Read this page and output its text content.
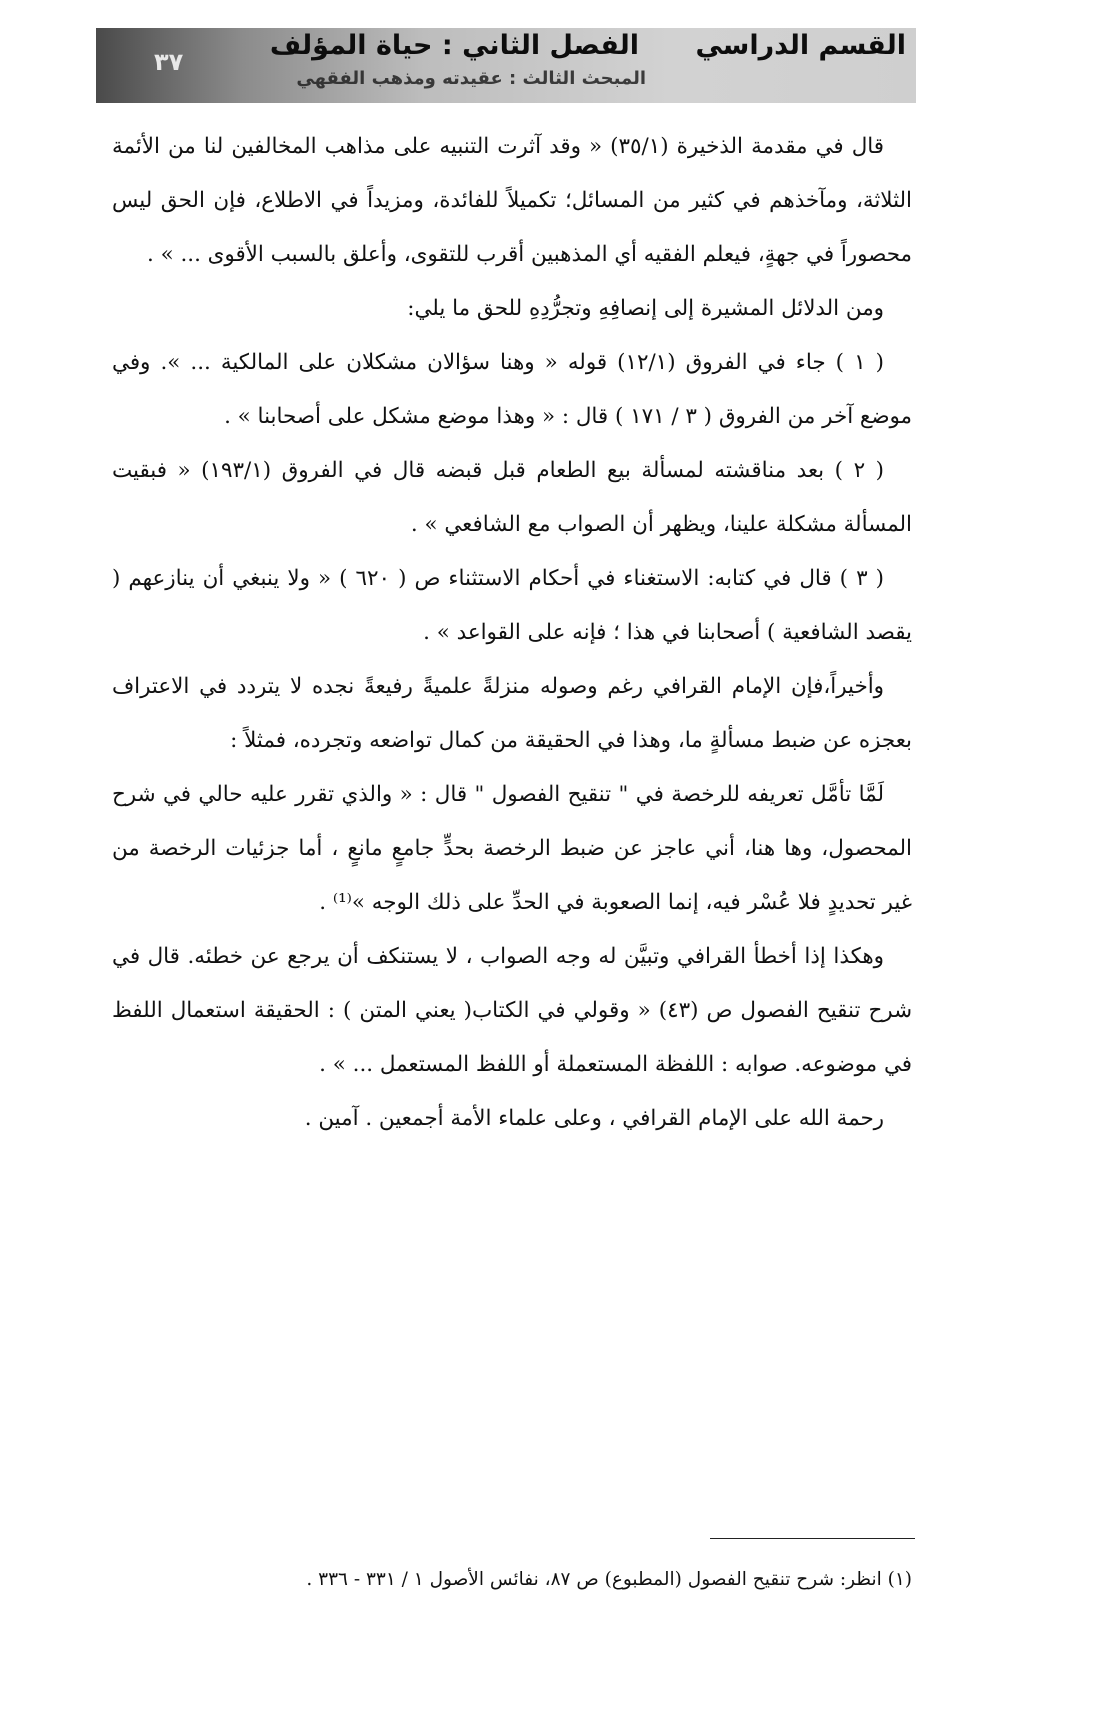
القسم الدراسي      الفصل الثاني : حياة المؤلف
المبحث الثالث : عقيدته ومذهب الفقهي
٣٧

قال في مقدمة الذخيرة (٣٥/١) « وقد آثرت التنبيه على مذاهب المخالفين لنا من الأئمة الثلاثة، ومآخذهم في كثير من المسائل؛ تكميلاً للفائدة، ومزيداً في الاطلاع، فإن الحق ليس محصوراً في جهةٍ، فيعلم الفقيه أي المذهبين أقرب للتقوى، وأعلق بالسبب الأقوى ... » .

ومن الدلائل المشيرة إلى إنصافِهِ وتجرُّدِهِ للحق ما يلي:

( ١ ) جاء في الفروق (١٢/١) قوله « وهنا سؤالان مشكلان على المالكية ... ». وفي موضع آخر من الفروق ( ٣ / ١٧١ ) قال : « وهذا موضع مشكل على أصحابنا » .

( ٢ ) بعد مناقشته لمسألة بيع الطعام قبل قبضه قال في الفروق (١٩٣/١) « فبقيت المسألة مشكلة علينا، ويظهر أن الصواب مع الشافعي » .

( ٣ ) قال في كتابه: الاستغناء في أحكام الاستثناء ص ( ٦٢٠ ) « ولا ينبغي أن ينازعهم ( يقصد الشافعية ) أصحابنا في هذا ؛ فإنه على القواعد » .

وأخيراً،فإن الإمام القرافي رغم وصوله منزلةً علميةً رفيعةً نجده لا يتردد في الاعتراف بعجزه عن ضبط مسألةٍ ما، وهذا في الحقيقة من كمال تواضعه وتجرده، فمثلاً :

لَمَّا تأمَّل تعريفه للرخصة في " تنقيح الفصول " قال : « والذي تقرر عليه حالي في شرح المحصول، وها هنا، أني عاجز عن ضبط الرخصة بحدٍّ جامعٍ مانعٍ ، أما جزئيات الرخصة من غير تحديدٍ فلا عُسْر فيه، إنما الصعوبة في الحدِّ على ذلك الوجه »⁽¹⁾ .

وهكذا إذا أخطأ القرافي وتبيَّن له وجه الصواب ، لا يستنكف أن يرجع عن خطئه. قال في شرح تنقيح الفصول ص (٤٣) « وقولي في الكتاب( يعني المتن ) : الحقيقة استعمال اللفظ في موضوعه. صوابه : اللفظة المستعملة أو اللفظ المستعمل ... » .

رحمة الله على الإمام القرافي ، وعلى علماء الأمة أجمعين . آمين .

(١) انظر: شرح تنقيح الفصول (المطبوع) ص ٨٧، نفائس الأصول ١ / ٣٣١ - ٣٣٦ .
